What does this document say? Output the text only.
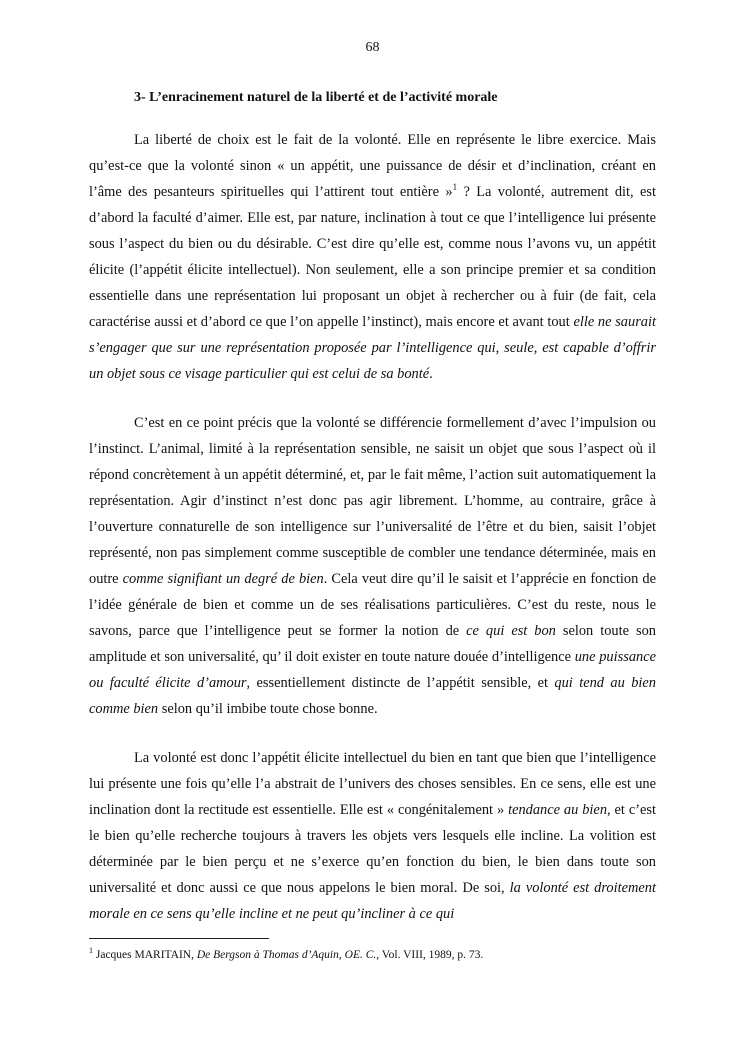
68
3- L’enracinement naturel de la liberté et de l’activité morale

La liberté de choix est le fait de la volonté. Elle en représente le libre exercice. Mais qu’est-ce que la volonté sinon « un appétit, une puissance de désir et d’inclination, créant en l’âme des pesanteurs spirituelles qui l’attirent tout entière »$^1$ ? La volonté, autrement dit, est d’abord la faculté d’aimer. Elle est, par nature, inclination à tout ce que l’intelligence lui présente sous l’aspect du bien ou du désirable. C’est dire qu’elle est, comme nous l’avons vu, un appétit élicite (l’appétit élicite intellectuel). Non seulement, elle a son principe premier et sa condition essentielle dans une représentation lui proposant un objet à rechercher ou à fuir (de fait, cela caractérise aussi et d’abord ce que l’on appelle l’instinct), mais encore et avant tout elle ne saurait s’engager que sur une représentation proposée par l’intelligence qui, seule, est capable d’offrir un objet sous ce visage particulier qui est celui de sa bonté.

C’est en ce point précis que la volonté se différencie formellement d’avec l’impulsion ou l’instinct. L’animal, limité à la représentation sensible, ne saisit un objet que sous l’aspect où il répond concrètement à un appétit déterminé, et, par le fait même, l’action suit automatiquement la représentation. Agir d’instinct n’est donc pas agir librement. L’homme, au contraire, grâce à l’ouverture connaturelle de son intelligence sur l’universalité de l’être et du bien, saisit l’objet représenté, non pas simplement comme susceptible de combler une tendance déterminée, mais en outre comme signifiant un degré de bien. Cela veut dire qu’il le saisit et l’apprécie en fonction de l’idée générale de bien et comme un de ses réalisations particulières. C’est du reste, nous le savons, parce que l’intelligence peut se former la notion de ce qui est bon selon toute son amplitude et son universalité, qu’ il doit exister en toute nature douée d’intelligence une puissance ou faculté élicite d’amour, essentiellement distincte de l’appétit sensible, et qui tend au bien comme bien selon qu’il imbibe toute chose bonne.

La volonté est donc l’appétit élicite intellectuel du bien en tant que bien que l’intelligence lui présente une fois qu’elle l’a abstrait de l’univers des choses sensibles. En ce sens, elle est une inclination dont la rectitude est essentielle. Elle est « congénitalement » tendance au bien, et c’est le bien qu’elle recherche toujours à travers les objets vers lesquels elle incline. La volition est déterminée par le bien perçu et ne s’exerce qu’en fonction du bien, le bien dans toute son universalité et donc aussi ce que nous appelons le bien moral. De soi, la volonté est droitement morale en ce sens qu’elle incline et ne peut qu’incliner à ce qui

$^1$ Jacques MARITAIN, De Bergson à Thomas d’Aquin, OE. C., Vol. VIII, 1989, p. 73.
